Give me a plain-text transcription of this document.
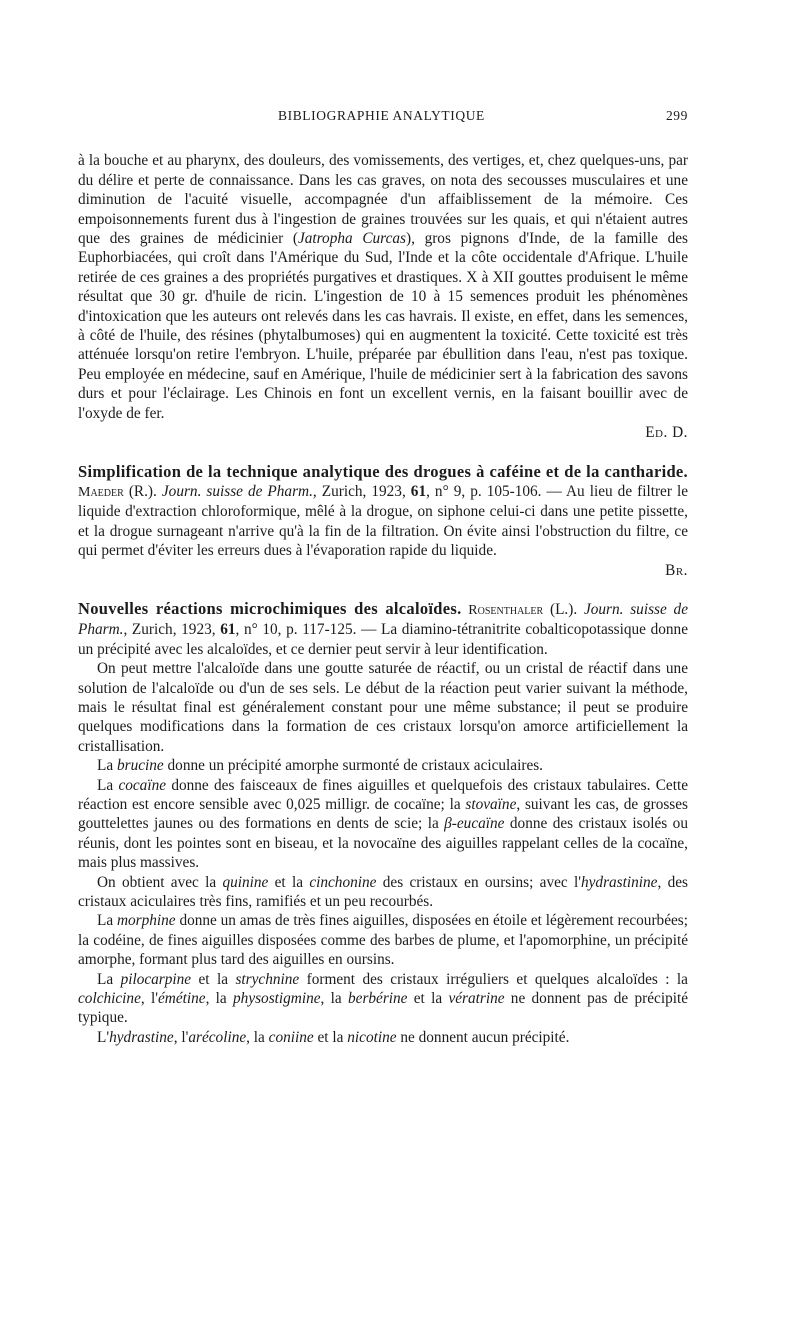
BIBLIOGRAPHIE ANALYTIQUE	299

à la bouche et au pharynx, des douleurs, des vomissements, des vertiges, et, chez quelques-uns, par du délire et perte de connaissance. Dans les cas graves, on nota des secousses musculaires et une diminution de l'acuité visuelle, accompagnée d'un affaiblissement de la mémoire. Ces empoisonnements furent dus à l'ingestion de graines trouvées sur les quais, et qui n'étaient autres que des graines de médicinier (Jatropha Curcas), gros pignons d'Inde, de la famille des Euphorbiacées, qui croît dans l'Amérique du Sud, l'Inde et la côte occidentale d'Afrique. L'huile retirée de ces graines a des propriétés purgatives et drastiques. X à XII gouttes produisent le même résultat que 30 gr. d'huile de ricin. L'ingestion de 10 à 15 semences produit les phénomènes d'intoxication que les auteurs ont relevés dans les cas havrais. Il existe, en effet, dans les semences, à côté de l'huile, des résines (phytalbumoses) qui en augmentent la toxicité. Cette toxicité est très atténuée lorsqu'on retire l'embryon. L'huile, préparée par ébullition dans l'eau, n'est pas toxique. Peu employée en médecine, sauf en Amérique, l'huile de médicinier sert à la fabrication des savons durs et pour l'éclairage. Les Chinois en font un excellent vernis, en la faisant bouillir avec de l'oxyde de fer.

Ed. D.

Simplification de la technique analytique des drogues à caféine et de la cantharide. Maeder (R.). Journ. suisse de Pharm., Zurich, 1923, 61, n° 9, p. 105-106. — Au lieu de filtrer le liquide d'extraction chloroformique, mêlé à la drogue, on siphone celui-ci dans une petite pissette, et la drogue surnageant n'arrive qu'à la fin de la filtration. On évite ainsi l'obstruction du filtre, ce qui permet d'éviter les erreurs dues à l'évaporation rapide du liquide.

Br.

Nouvelles réactions microchimiques des alcaloïdes. Rosenthaler (L.). Journ. suisse de Pharm., Zurich, 1923, 61, n° 10, p. 117-125. — La diamino-tétranitrite cobalticopotassique donne un précipité avec les alcaloïdes, et ce dernier peut servir à leur identification.

On peut mettre l'alcaloïde dans une goutte saturée de réactif, ou un cristal de réactif dans une solution de l'alcaloïde ou d'un de ses sels. Le début de la réaction peut varier suivant la méthode, mais le résultat final est généralement constant pour une même substance; il peut se produire quelques modifications dans la formation de ces cristaux lorsqu'on amorce artificiellement la cristallisation.

La brucine donne un précipité amorphe surmonté de cristaux aciculaires.

La cocaïne donne des faisceaux de fines aiguilles et quelquefois des cristaux tabulaires. Cette réaction est encore sensible avec 0,025 milligr. de cocaïne; la stovaïne, suivant les cas, de grosses gouttelettes jaunes ou des formations en dents de scie; la β-eucaïne donne des cristaux isolés ou réunis, dont les pointes sont en biseau, et la novocaïne des aiguilles rappelant celles de la cocaïne, mais plus massives.

On obtient avec la quinine et la cinchonine des cristaux en oursins; avec l'hydrastinine, des cristaux aciculaires très fins, ramifiés et un peu recourbés.

La morphine donne un amas de très fines aiguilles, disposées en étoile et légèrement recourbées; la codéine, de fines aiguilles disposées comme des barbes de plume, et l'apomorphine, un précipité amorphe, formant plus tard des aiguilles en oursins.

La pilocarpine et la strychnine forment des cristaux irréguliers et quelques alcaloïdes : la colchicine, l'émétine, la physostigmine, la berbérine et la vératrine ne donnent pas de précipité typique.

L'hydrastine, l'arécoline, la coniine et la nicotine ne donnent aucun précipité.
